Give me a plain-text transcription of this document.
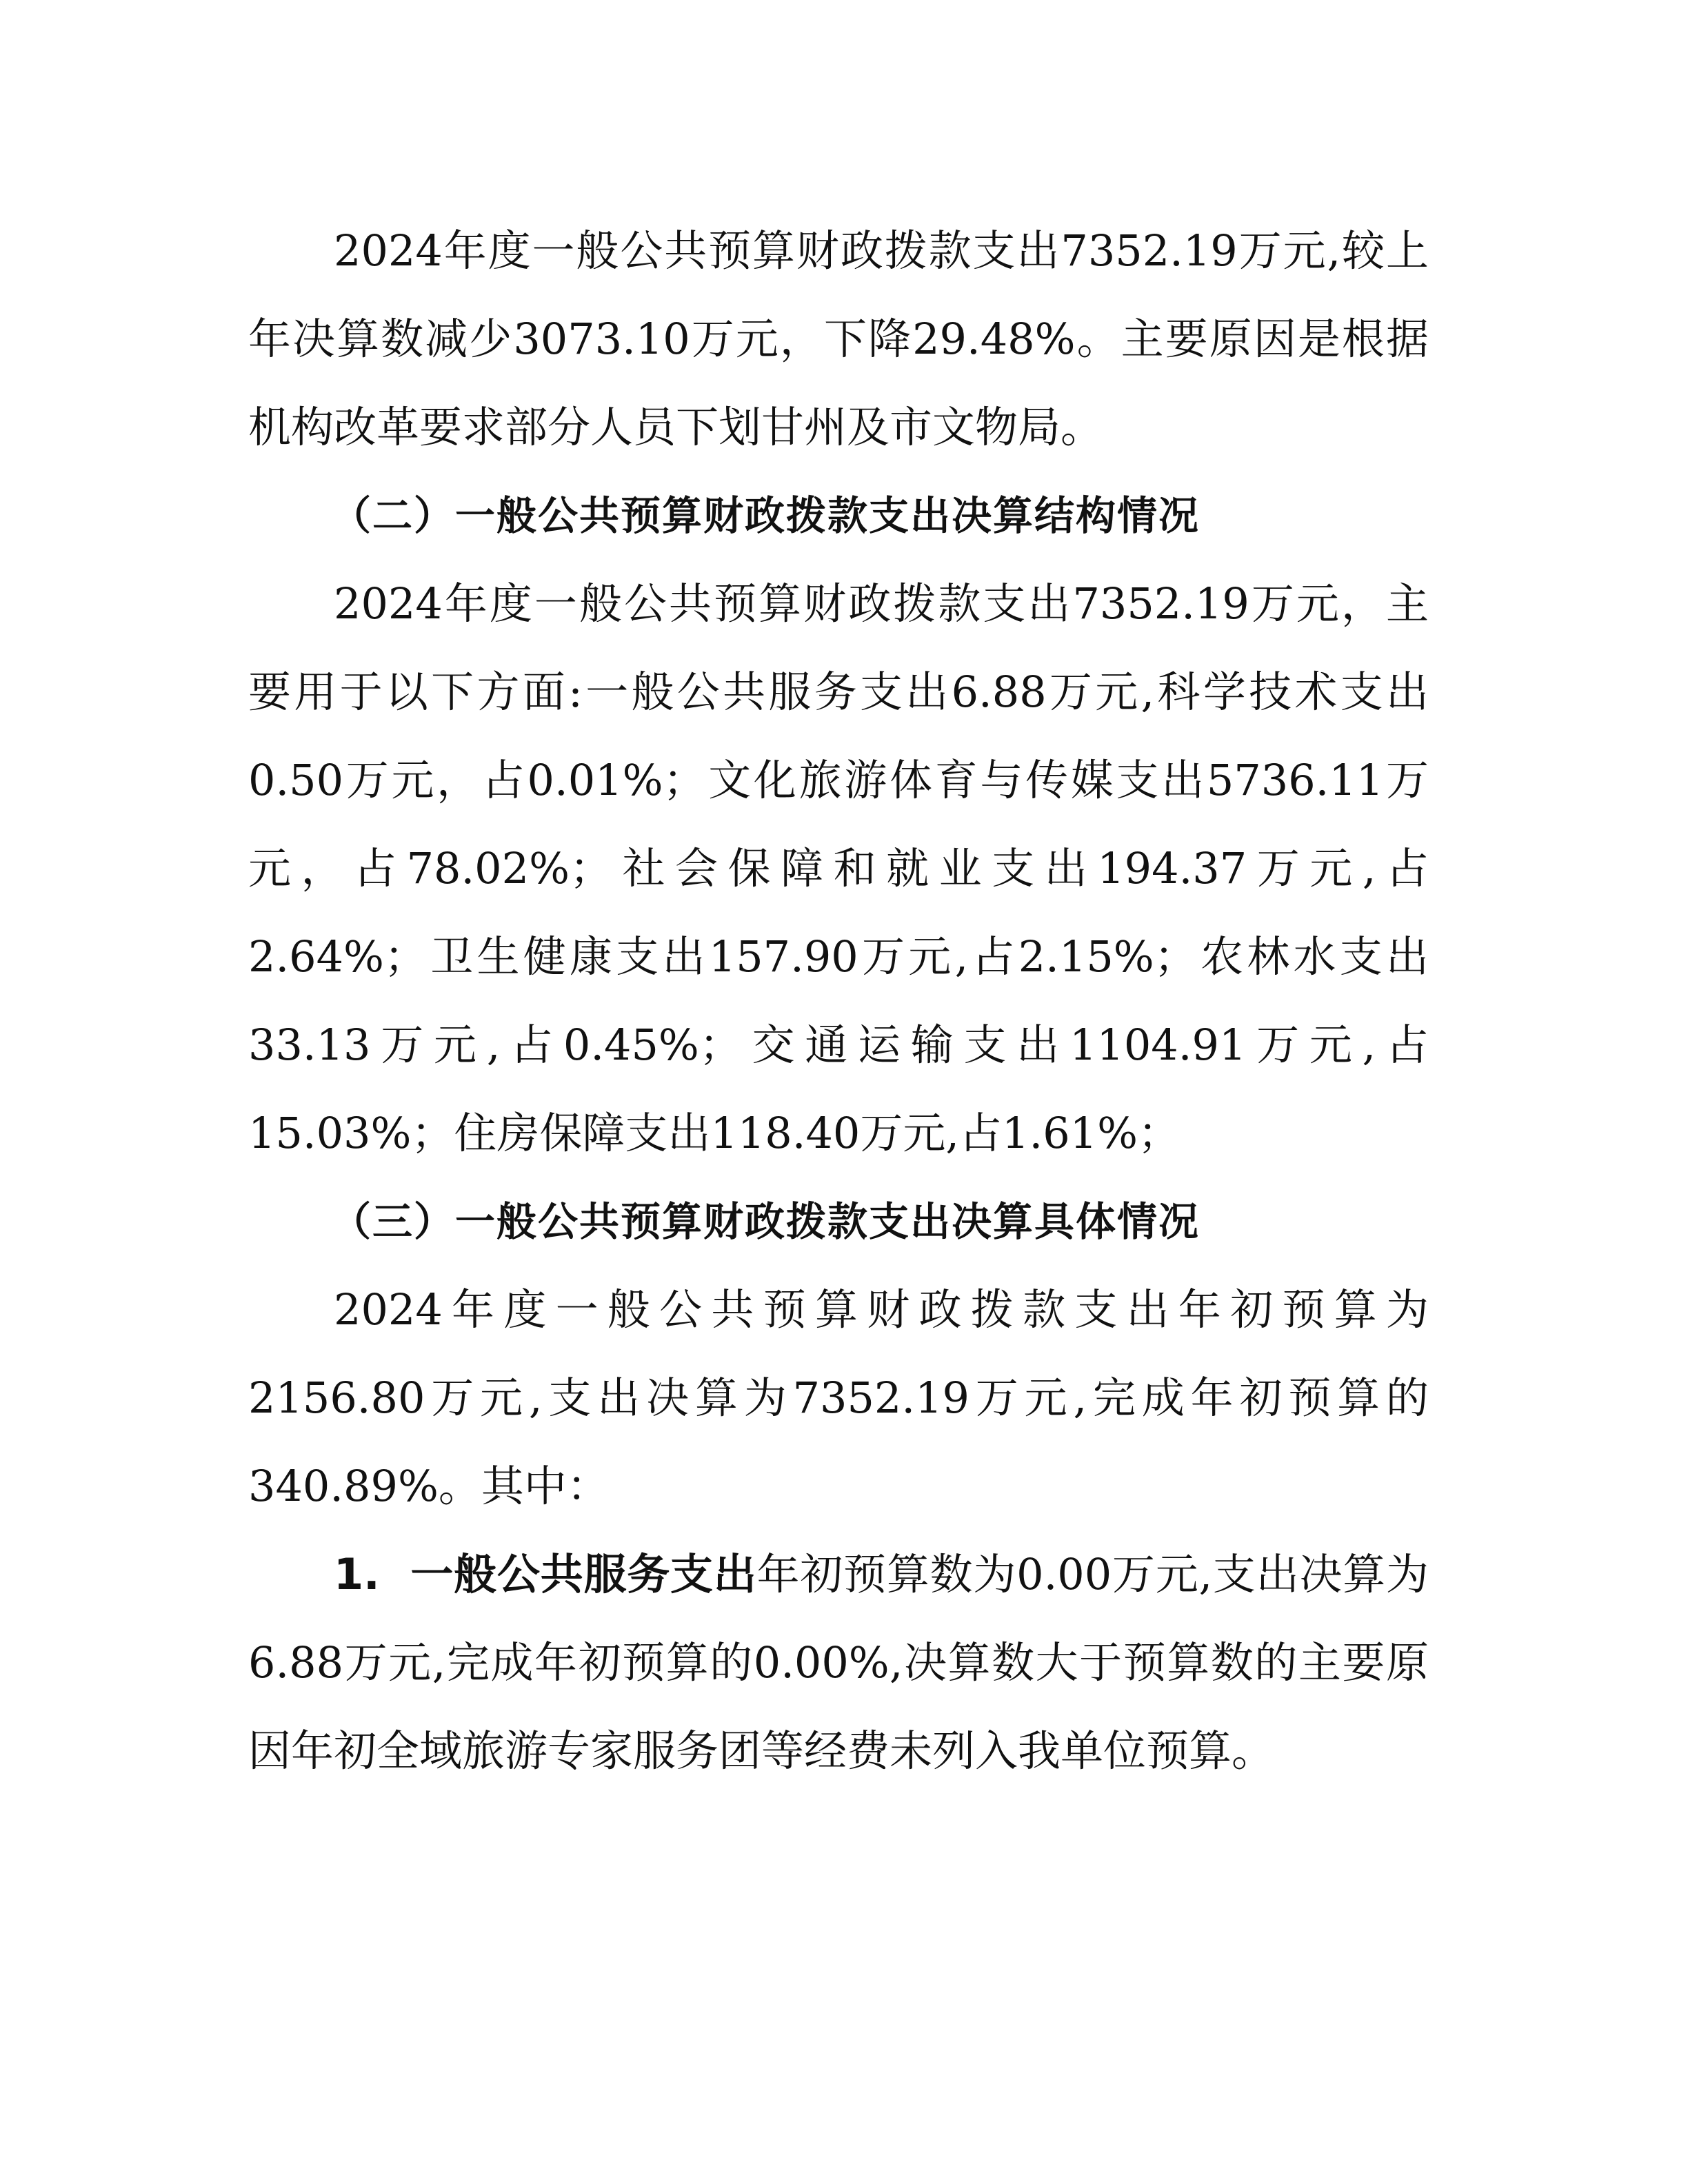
2024年度一般公共预算财政拨款支出7352.19万元,较上年决算数减少3073.10万元，下降29.48%。主要原因是根据机构改革要求部分人员下划甘州及市文物局。

（二）一般公共预算财政拨款支出决算结构情况

2024年度一般公共预算财政拨款支出7352.19万元，主要用于以下方面:一般公共服务支出6.88万元,科学技术支出0.50万元，占0.01%；文化旅游体育与传媒支出5736.11万元，占78.02%；社会保障和就业支出194.37万元,占2.64%；卫生健康支出157.90万元,占2.15%；农林水支出33.13万元,占0.45%；交通运输支出1104.91万元,占15.03%；住房保障支出118.40万元,占1.61%；

（三）一般公共预算财政拨款支出决算具体情况

2024年度一般公共预算财政拨款支出年初预算为2156.80万元,支出决算为7352.19万元,完成年初预算的340.89%。其中：

1. 一般公共服务支出年初预算数为0.00万元,支出决算为6.88万元,完成年初预算的0.00%,决算数大于预算数的主要原因年初全域旅游专家服务团等经费未列入我单位预算。
